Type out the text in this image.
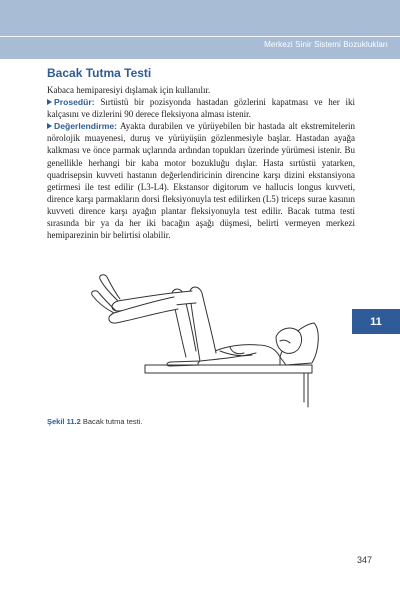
Merkezi Sinir Sistemi Bozuklukları
Bacak Tutma Testi

Kabaca hemiparesiyi dışlamak için kullanılır.

Prosedür: Sırtüstü bir pozisyonda hastadan gözlerini kapatması ve her iki kalçasını ve dizlerini 90 derece fleksiyona alması istenir.

Değerlendirme: Ayakta durabilen ve yürüyebilen bir hastada alt ekstremitelerin nörolojik muayenesi, duruş ve yürüyüşün gözlenmesiyle başlar. Hastadan ayağa kalkması ve önce parmak uçlarında ardından topukları üzerinde yürümesi istenir. Bu genellikle herhangi bir kaba motor bozukluğu dışlar. Hasta sırtüstü yatarken, quadrisepsin kuvveti hastanın değerlendiricinin direncine karşı dizini ekstansiyona getirmesi ile test edilir (L3-L4). Ekstansor digitorum ve hallucis longus kuvveti, dirence karşı parmakların dorsi fleksiyonuyla test edilirken (L5) triceps surae kasının kuvveti dirence karşı ayağın plantar fleksiyonuyla test edilir. Bacak tutma testi sırasında bir ya da her iki bacağın aşağı düşmesi, belirti vermeyen merkezi hemiparezinin bir belirtisi olabilir.

Şekil 11.2 Bacak tutma testi.
11
347
